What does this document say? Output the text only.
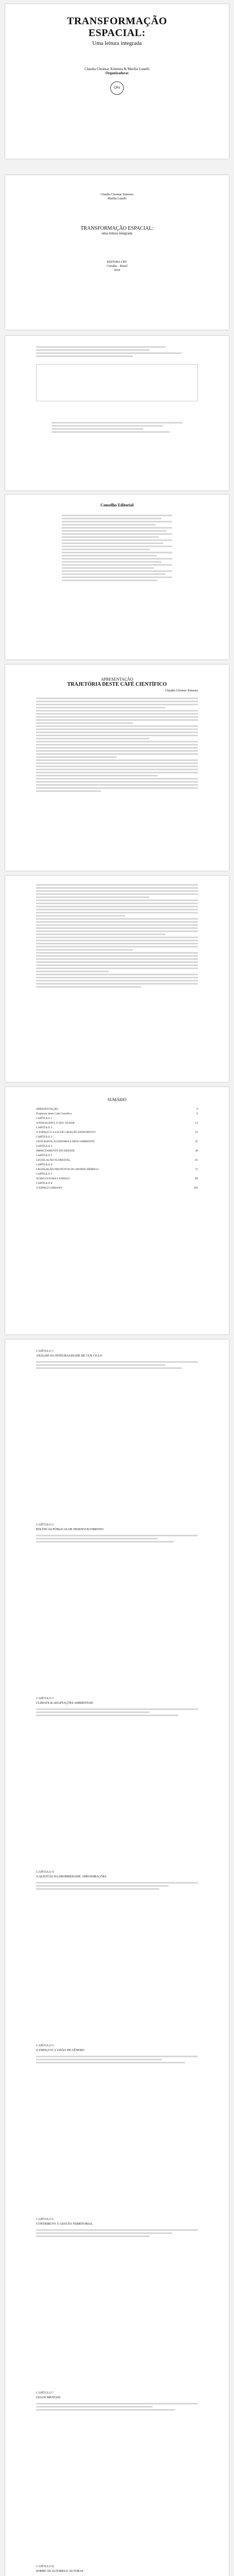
TRANSFORMAÇÃO
ESPACIAL:
Uma leitura integrada
Claudia Cleomar Ximenes & Marilia Lunelli
Organizadoras
CRV
Claudia Cleomar Ximenes
Marília Lunelli
TRANSFORMAÇÃO ESPACIAL:
uma leitura integrada
EDITORA CRV
Curitiba – Brasil
2018
Conselho Editorial
APRESENTAÇÃO
TRAJETÓRIA DESTE CAFÉ CIENTÍFICO
Claudia Cleomar Ximenes
SUMÁRIO
APRESENTAÇÃO	9
Trajetória deste Café Científico	9
CAPÍTULO 1
A PAISAGEM E O SEU OLHAR	13
CAPÍTULO 2
O ESPAÇO E A LEI DE CRIAÇÃO DESPORTIVO	21
CAPÍTULO 3
GEOGRAFIA, ECONOMIA E MEIO AMBIENTE	35
CAPÍTULO 4
IMPACTAMENTO DO DEBATE	49
CAPÍTULO 5
LEGISLAÇÃO FLORESTAL	61
CAPÍTULO 6
LEGISLAÇÃO PROTETIVA DO APORTE HÍDRICO	75
CAPÍTULO 7
AGRICULTURA E ESPAÇO	89
CAPÍTULO 8
O ESPAÇO URBANO	103
CAPÍTULO 1
ANÁLISE DA INTEGRALIDADE DE CUR CICLO
CAPÍTULO 2
POLÍTICAS PÚBLICAS DE DESENVOLVIMENTO
CAPÍTULO 3
CLIMATE & ADAPTAÇÕES AMBIENTAIS
CAPÍTULO 4
A QUESTÃO DA PROPRIEDADE: APROXIMAÇÕES
CAPÍTULO 5
O ESPAÇO E A VISÃO DE GÊNERO
CAPÍTULO 6
CONTRIBUTO À GESTÃO TERRITORIAL
CAPÍTULO 7
LEGOS MENTAIS
CAPÍTULO 8
SOBRE OS AUTORES E AUTORAS
